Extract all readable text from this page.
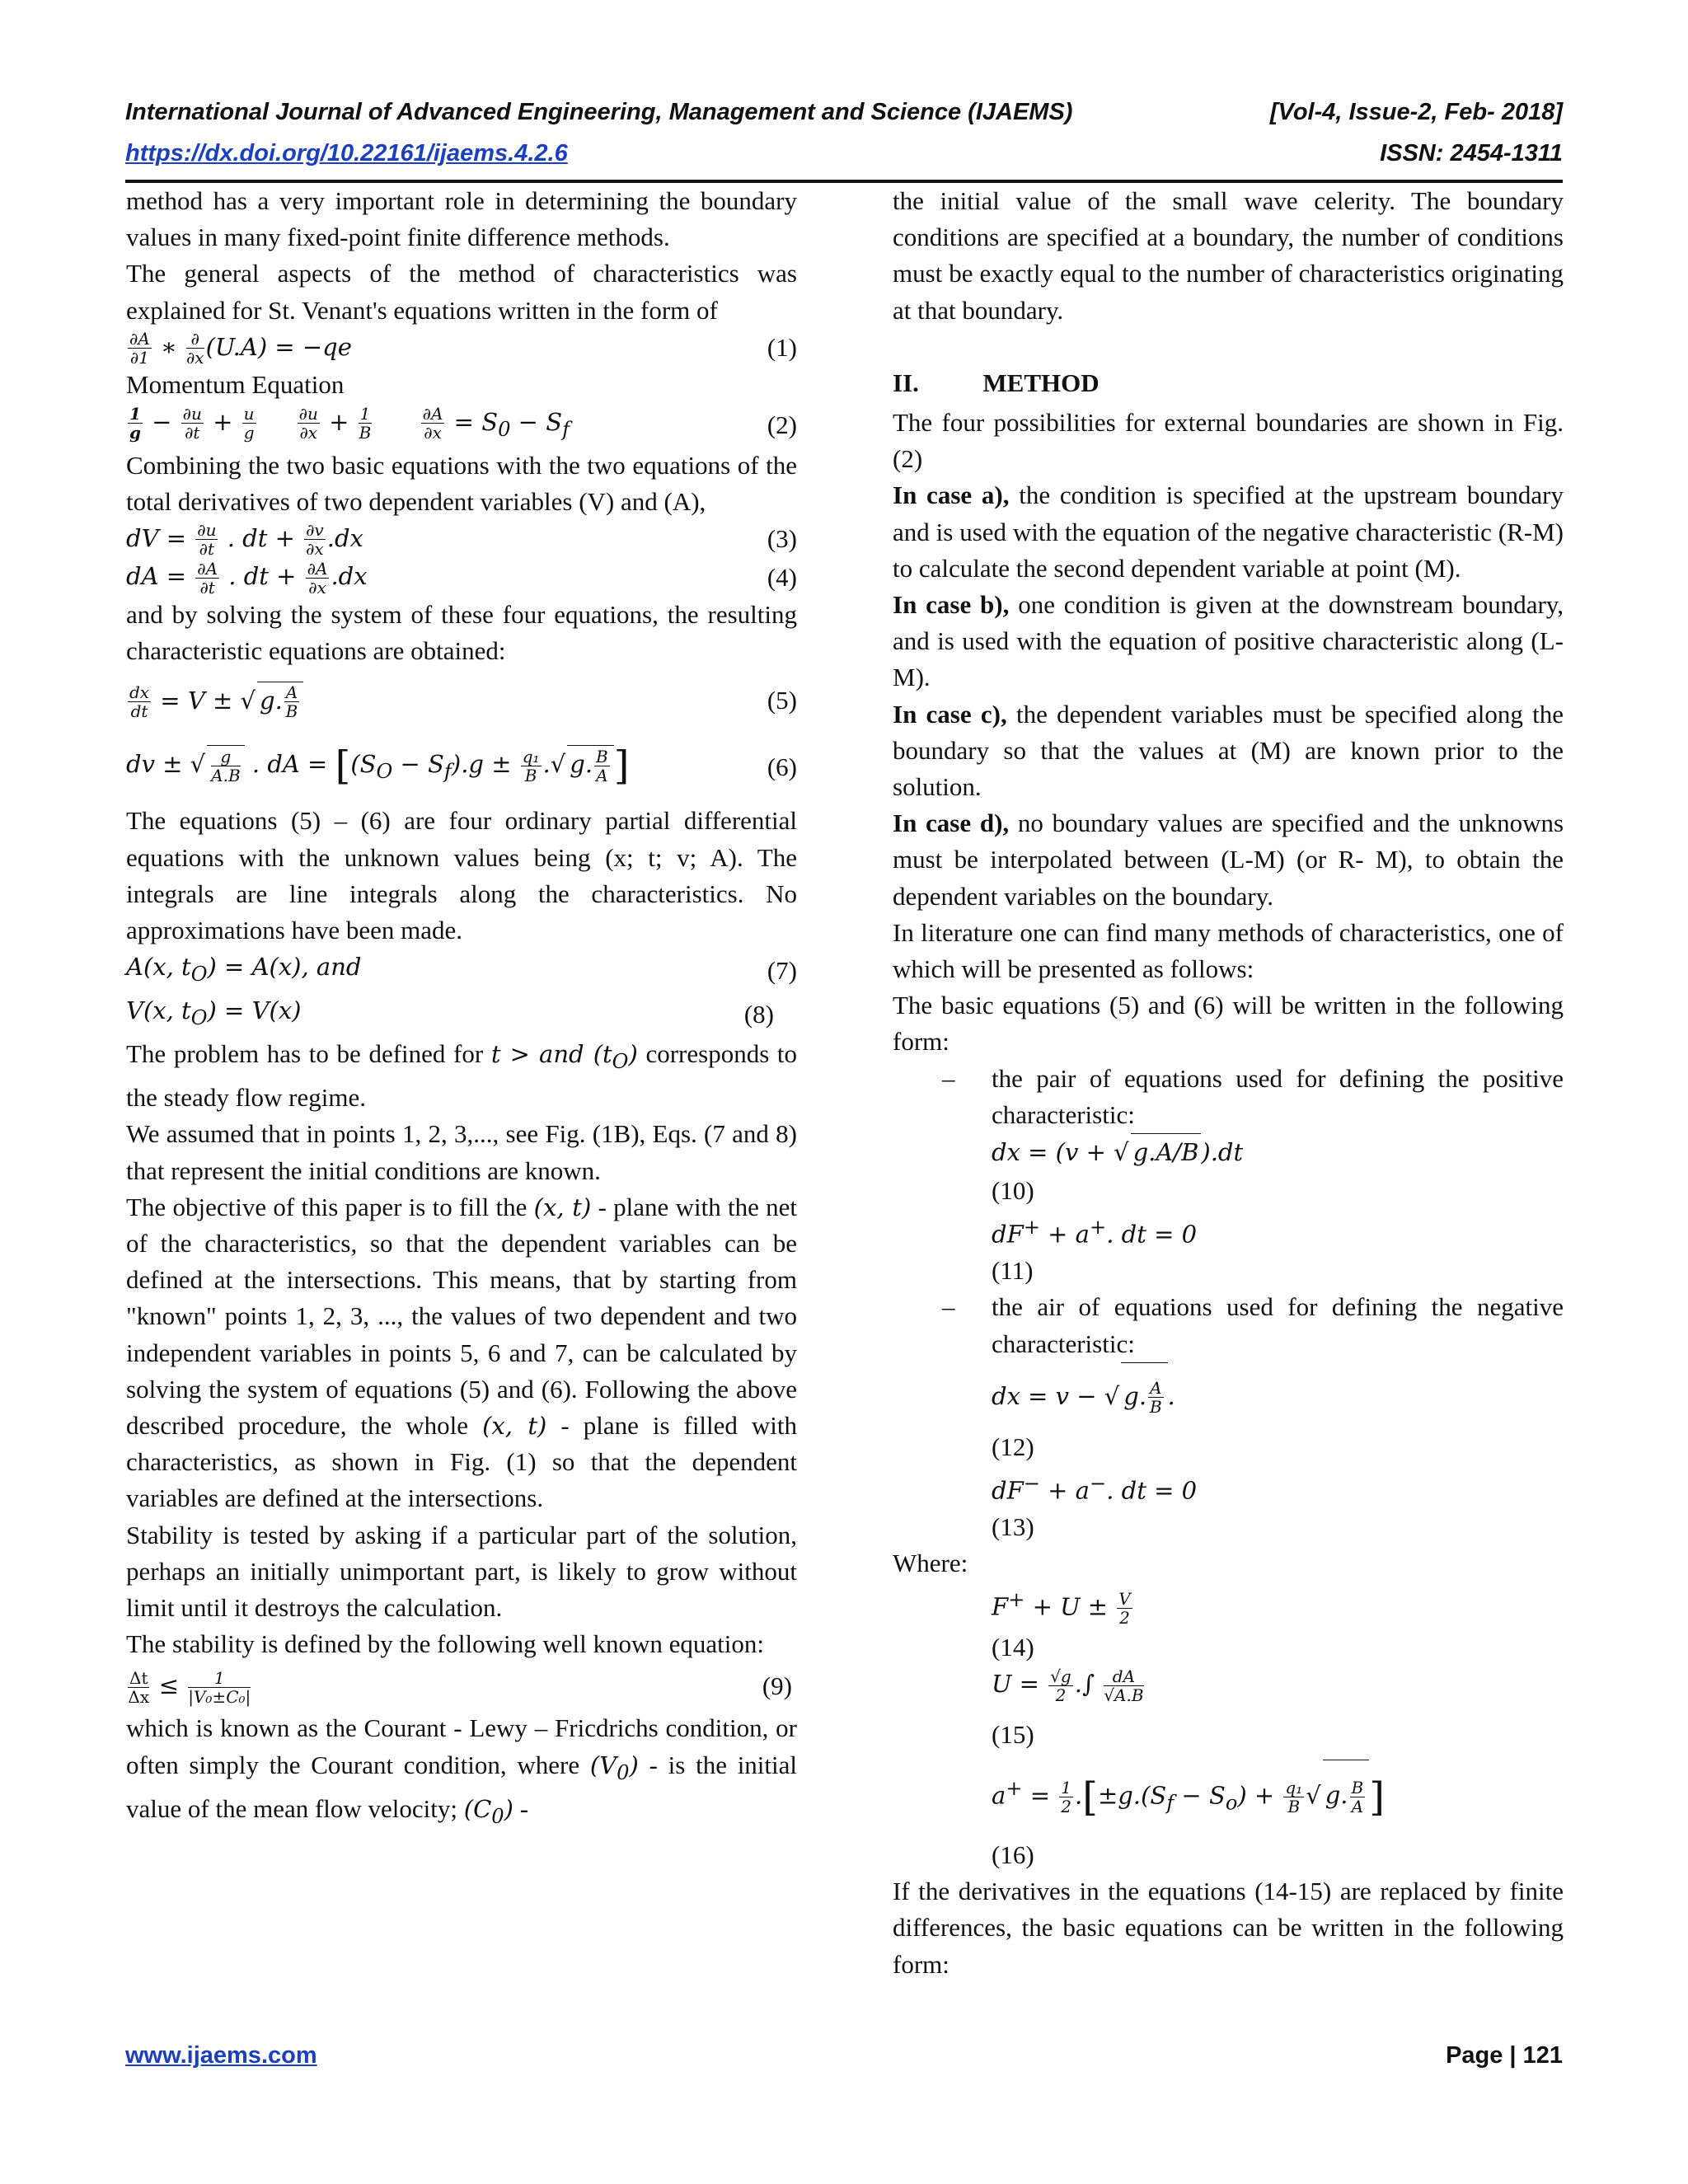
International Journal of Advanced Engineering, Management and Science (IJAEMS)	[Vol-4, Issue-2, Feb- 2018]
https://dx.doi.org/10.22161/ijaems.4.2.6	ISSN: 2454-1311

method has a very important role in determining the boundary values in many fixed-point finite difference methods.

The general aspects of the method of characteristics was explained for St. Venant's equations written in the form of

$\frac{\partial A}{\partial 1}$ ∗ $\frac{\partial}{\partial x} (U.A) = -qe$	(1)

Momentum Equation

$\frac{1}{g} - \frac{\partial u}{\partial t} + \frac{u}{g}$
	$\frac{\partial u}{\partial x} + \frac{1}{B}$
	$\frac{\partial A}{\partial x} = S_0 - S_f$	(2)

Combining the two basic equations with the two equations of the total derivatives of two dependent variables (V) and (A),

dV = $\frac{\partial u}{\partial t}$ . dt + $\frac{\partial v}{\partial x} .dx$	(3)
dA = $\frac{\partial A}{\partial t}$ . dt + $\frac{\partial A}{\partial x} .dx$	(4)

and by solving the system of these four equations, the resulting characteristic equations are obtained:

$\frac{dx}{dt} = V$ ± √ g. $\frac{A}{B}$	(5)
dv ± √ $\frac{g}{A.B}$ . dA = [$(S_O - S_f).g \pm \frac{\text{q₁}}{B}$ .√ g. $\frac{B}{A}$ ]	(6)

The equations (5) – (6) are four ordinary partial differential equations with the unknown values being (x; t; v; A). The integrals are line integrals along the characteristics. No approximations have been made.

A(x, $t_O) = A(x)$, and	(7)
V(x, $t_O) = V(x)$	(8)

The problem has to be defined for t > and $(t_O)$ corresponds to the steady flow regime.

We assumed that in points 1, 2, 3,..., see Fig. (1B), Eqs. (7 and 8) that represent the initial conditions are known.

The objective of this paper is to fill the (x, t) - plane with the net of the characteristics, so that the dependent variables can be defined at the intersections. This means, that by starting from "known" points 1, 2, 3, ..., the values of two dependent and two independent variables in points 5, 6 and 7, can be calculated by solving the system of equations (5) and (6). Following the above described procedure, the whole (x, t) - plane is filled with characteristics, as shown in Fig. (1) so that the dependent variables are defined at the intersections.

Stability is tested by asking if a particular part of the solution, perhaps an initially unimportant part, is likely to grow without limit until it destroys the calculation.

The stability is defined by the following well known equation:

$\frac{\Delta t}{\Delta x} \le \frac{1}{\text{|V₀±C₀|}}$	(9)

which is known as the Courant - Lewy – Fricdrichs condition, or often simply the Courant condition, where $(V_0)$ - is the initial value of the mean flow velocity; $(C_0)$ -

the initial value of the small wave celerity. The boundary conditions are specified at a boundary, the number of conditions must be exactly equal to the number of characteristics originating at that boundary.

II.	METHOD

The four possibilities for external boundaries are shown in Fig. (2)

In case a), the condition is specified at the upstream boundary and is used with the equation of the negative characteristic (R-M) to calculate the second dependent variable at point (M).

In case b), one condition is given at the downstream boundary, and is used with the equation of positive characteristic along (L-M).

In case c), the dependent variables must be specified along the boundary so that the values at (M) are known prior to the solution.

In case d), no boundary values are specified and the unknowns must be interpolated between (L-M) (or R- M), to obtain the dependent variables on the boundary.

In literature one can find many methods of characteristics, one of which will be presented as follows:

The basic equations (5) and (6) will be written in the following form:

–	the pair of equations used for defining the positive characteristic:

dx = (v + √ g.A/B ).dt

(10)

dF+ + a+. dt = 0

(11)

–	the air of equations used for defining the negative characteristic:

dx = v − √ g. $\frac{A}{B}$ .

(12)

dF− + a−. dt = 0

(13)

Where:

$F^+ + U \pm \frac{V}{2}$

(14)

$U = \frac{√g}{2}$ .∫ $\frac{dA}{√A.B}$

(15)

$a^+ = \frac{1}{2} .[\pm g.(S_f - S_o) + \frac{\text{q₁}}{B}$ √ g. $\frac{B}{A}$ ]

(16)

If the derivatives in the equations (14-15) are replaced by finite differences, the basic equations can be written in the following form:

www.ijaems.com	Page | 121
